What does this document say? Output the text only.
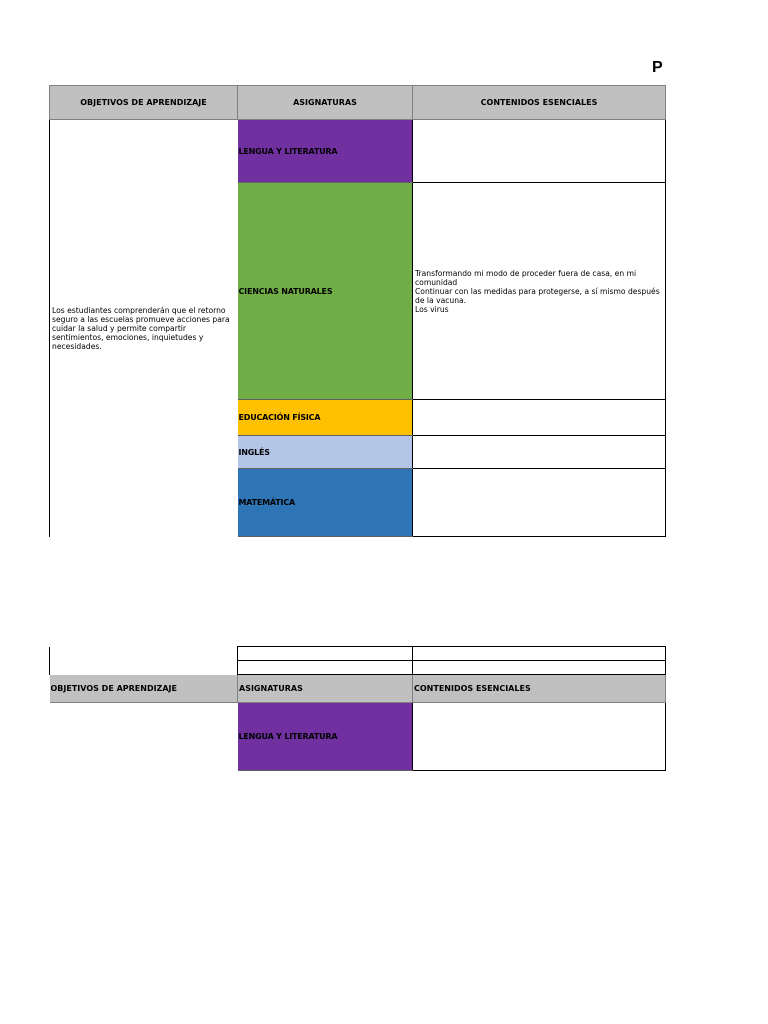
P
OBJETIVOS DE APRENDIZAJE	ASIGNATURAS	CONTENIDOS ESENCIALES
Los estudiantes comprenderán que el retorno seguro a las escuelas promueve acciones para cuidar la salud y permite compartir sentimientos, emociones, inquietudes y necesidades.	LENGUA Y LITERATURA	
	CIENCIAS NATURALES	Transformando mi modo de proceder fuera de casa, en mi comunidad
Continuar con las medidas para protegerse, a sí mismo después de la vacuna.
Los virus

	EDUCACIÓN FÍSICA	
	INGLÉS	
	MATEMÁTICA	

OBJETIVOS DE APRENDIZAJE	ASIGNATURAS	CONTENIDOS ESENCIALES
	LENGUA Y LITERATURA	
